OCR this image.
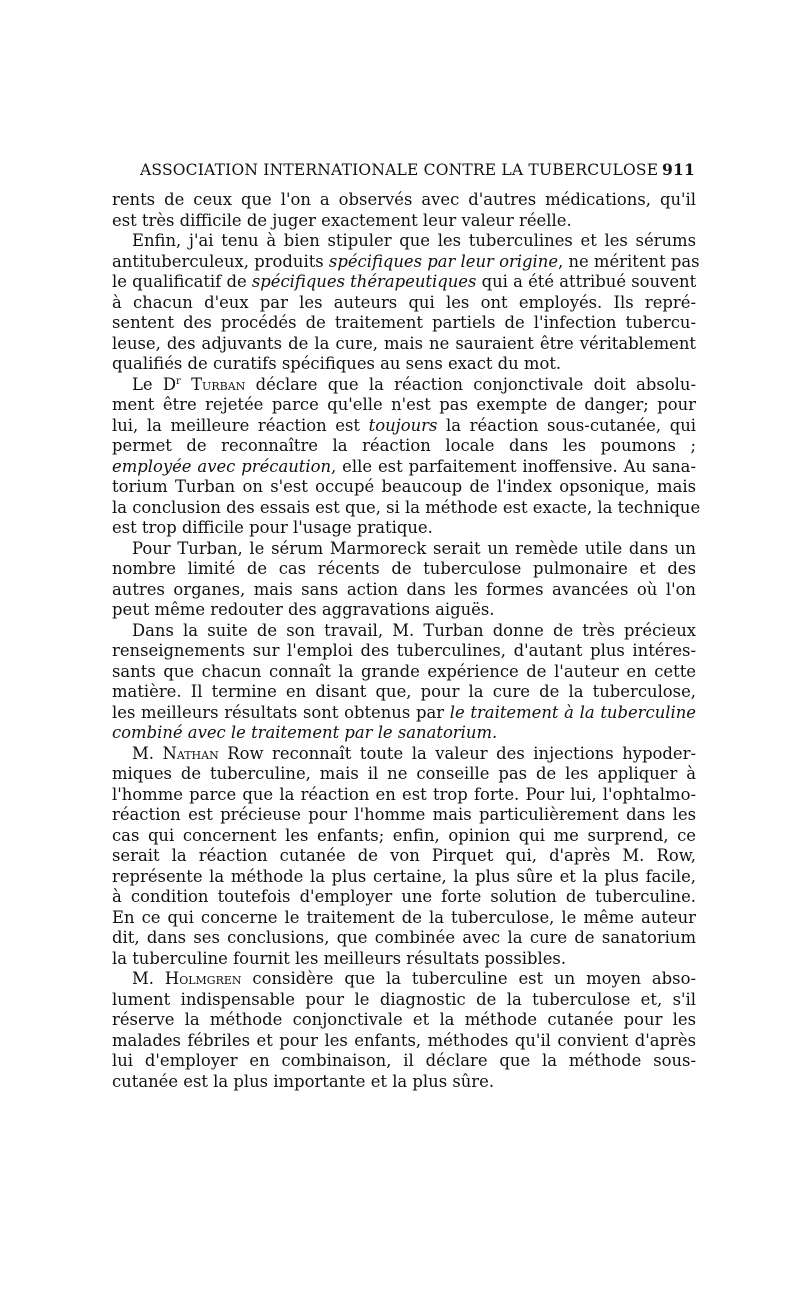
ASSOCIATION INTERNATIONALE CONTRE LA TUBERCULOSE 911
rents de ceux que l'on a observés avec d'autres médications, qu'il
est très difficile de juger exactement leur valeur réelle.
Enfin, j'ai tenu à bien stipuler que les tuberculines et les sérums
antituberculeux, produits spécifiques par leur origine, ne méritent pas
le qualificatif de spécifiques thérapeutiques qui a été attribué souvent
à chacun d'eux par les auteurs qui les ont employés. Ils repré-
sentent des procédés de traitement partiels de l'infection tubercu-
leuse, des adjuvants de la cure, mais ne sauraient être véritablement
qualifiés de curatifs spécifiques au sens exact du mot.
Le $D^r$ Turban déclare que la réaction conjonctivale doit absolu-
ment être rejetée parce qu'elle n'est pas exempte de danger; pour
lui, la meilleure réaction est toujours la réaction sous-cutanée, qui
permet de reconnaître la réaction locale dans les poumons ;
employée avec précaution, elle est parfaitement inoffensive. Au sana-
torium Turban on s'est occupé beaucoup de l'index opsonique, mais
la conclusion des essais est que, si la méthode est exacte, la technique
est trop difficile pour l'usage pratique.
Pour Turban, le sérum Marmoreck serait un remède utile dans un
nombre limité de cas récents de tuberculose pulmonaire et des
autres organes, mais sans action dans les formes avancées où l'on
peut même redouter des aggravations aiguës.
Dans la suite de son travail, M. Turban donne de très précieux
renseignements sur l'emploi des tuberculines, d'autant plus intéres-
sants que chacun connaît la grande expérience de l'auteur en cette
matière. Il termine en disant que, pour la cure de la tuberculose,
les meilleurs résultats sont obtenus par le traitement à la tuberculine
combiné avec le traitement par le sanatorium.
M. Nathan Row reconnaît toute la valeur des injections hypoder-
miques de tuberculine, mais il ne conseille pas de les appliquer à
l'homme parce que la réaction en est trop forte. Pour lui, l'ophtalmo-
réaction est précieuse pour l'homme mais particulièrement dans les
cas qui concernent les enfants; enfin, opinion qui me surprend, ce
serait la réaction cutanée de von Pirquet qui, d'après M. Row,
représente la méthode la plus certaine, la plus sûre et la plus facile,
à condition toutefois d'employer une forte solution de tuberculine.
En ce qui concerne le traitement de la tuberculose, le même auteur
dit, dans ses conclusions, que combinée avec la cure de sanatorium
la tuberculine fournit les meilleurs résultats possibles.
M. Holmgren considère que la tuberculine est un moyen abso-
lument indispensable pour le diagnostic de la tuberculose et, s'il
réserve la méthode conjonctivale et la méthode cutanée pour les
malades fébriles et pour les enfants, méthodes qu'il convient d'après
lui d'employer en combinaison, il déclare que la méthode sous-
cutanée est la plus importante et la plus sûre.
